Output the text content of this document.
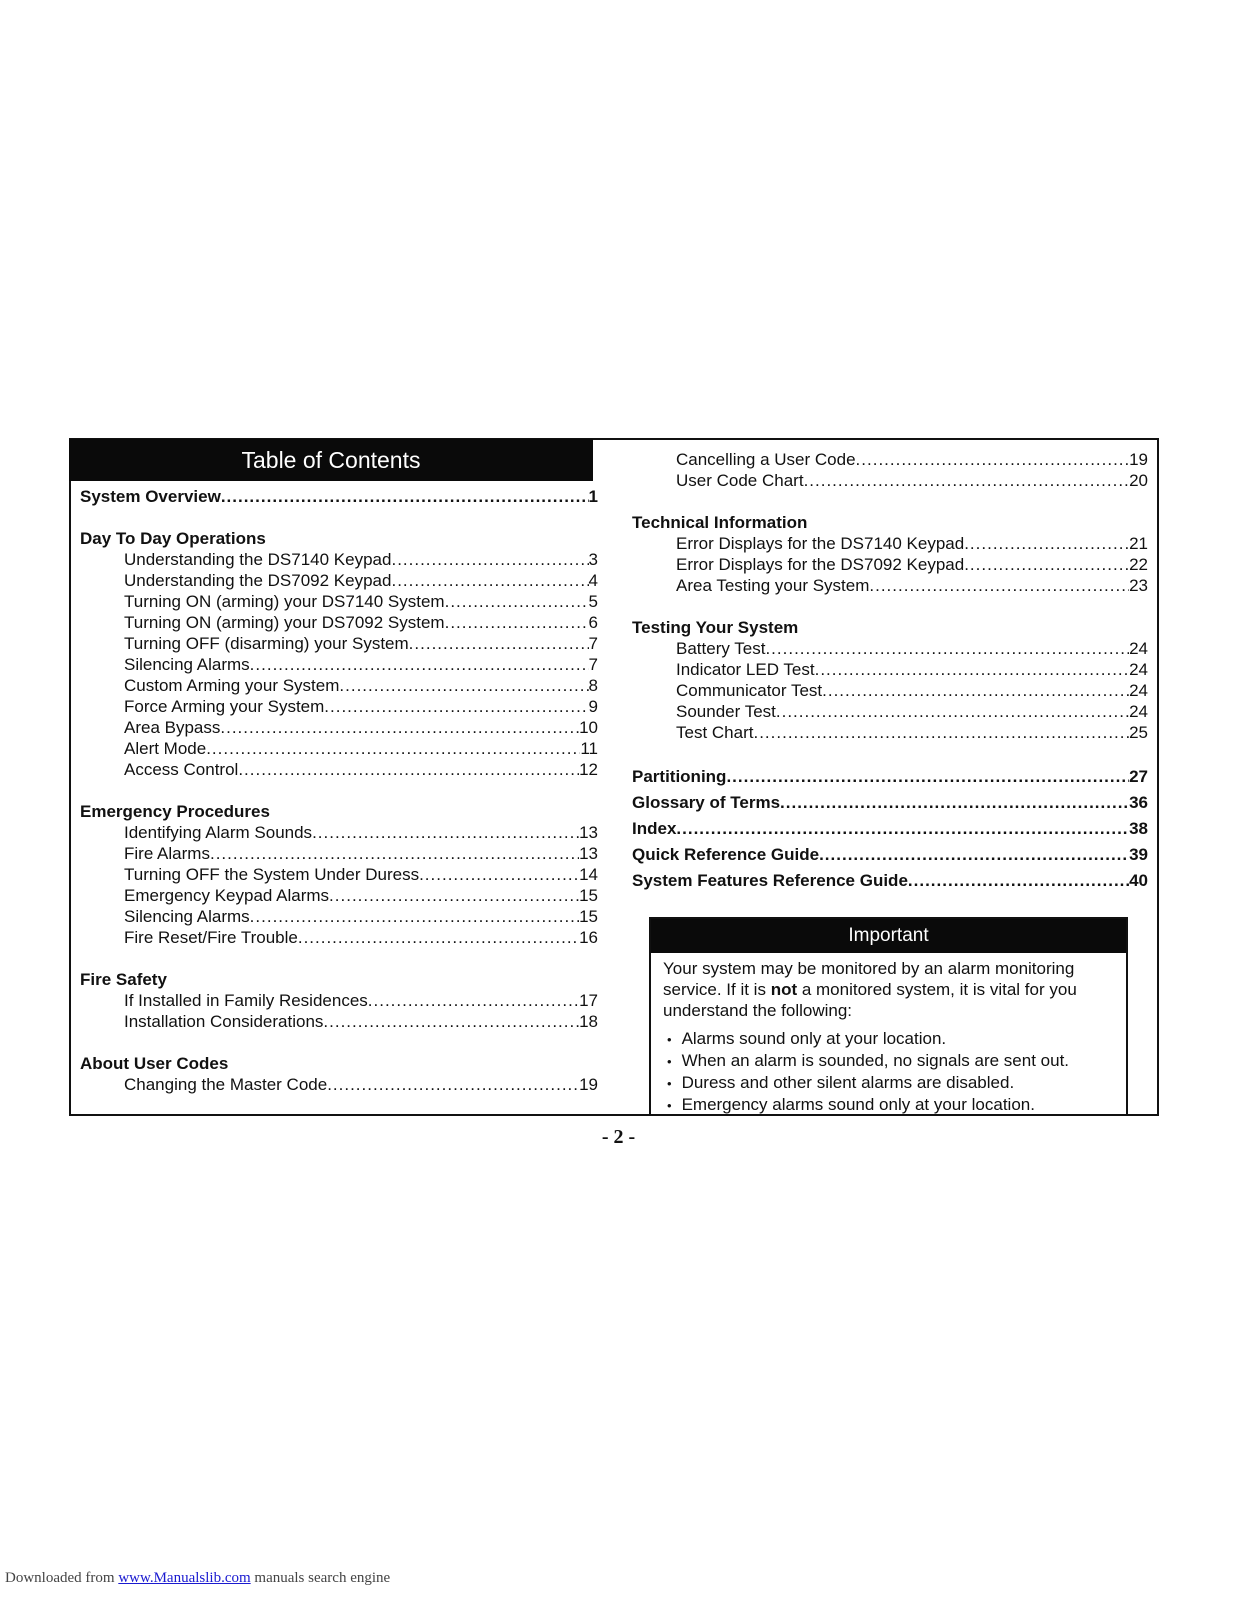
Table of Contents
System Overview .....	1
Day To Day Operations
Understanding the DS7140 Keypad .....	3
Understanding the DS7092 Keypad .....	4
Turning ON (arming) your DS7140 System .....	5
Turning ON (arming) your DS7092 System .....	6
Turning OFF (disarming) your System .....	7
Silencing Alarms .....	7
Custom Arming your System .....	8
Force Arming your System .....	9
Area Bypass .....	10
Alert Mode .....	11
Access Control .....	12
Emergency Procedures
Identifying Alarm Sounds .....	13
Fire Alarms .....	13
Turning OFF the System Under Duress .....	14
Emergency Keypad Alarms .....	15
Silencing Alarms .....	15
Fire Reset/Fire Trouble .....	16
Fire Safety
If Installed in Family Residences .....	17
Installation Considerations .....	18
About User Codes
Changing the Master Code .....	19
Cancelling a User Code .....	19
User Code Chart .....	20
Technical Information
Error Displays for the DS7140 Keypad .....	21
Error Displays for the DS7092 Keypad .....	22
Area Testing your System .....	23
Testing Your System
Battery Test .....	24
Indicator LED Test .....	24
Communicator Test .....	24
Sounder Test .....	24
Test Chart .....	25
Partitioning .....	27
Glossary of Terms .....	36
Index .....	38
Quick Reference Guide .....	39
System Features Reference Guide .....	40
Important
Your system may be monitored by an alarm monitoring service. If it is not a monitored system, it is vital for you understand the following:
• Alarms sound only at your location.
• When an alarm is sounded, no signals are sent out.
• Duress and other silent alarms are disabled.
• Emergency alarms sound only at your location.
- 2 -
Downloaded from www.Manualslib.com manuals search engine
